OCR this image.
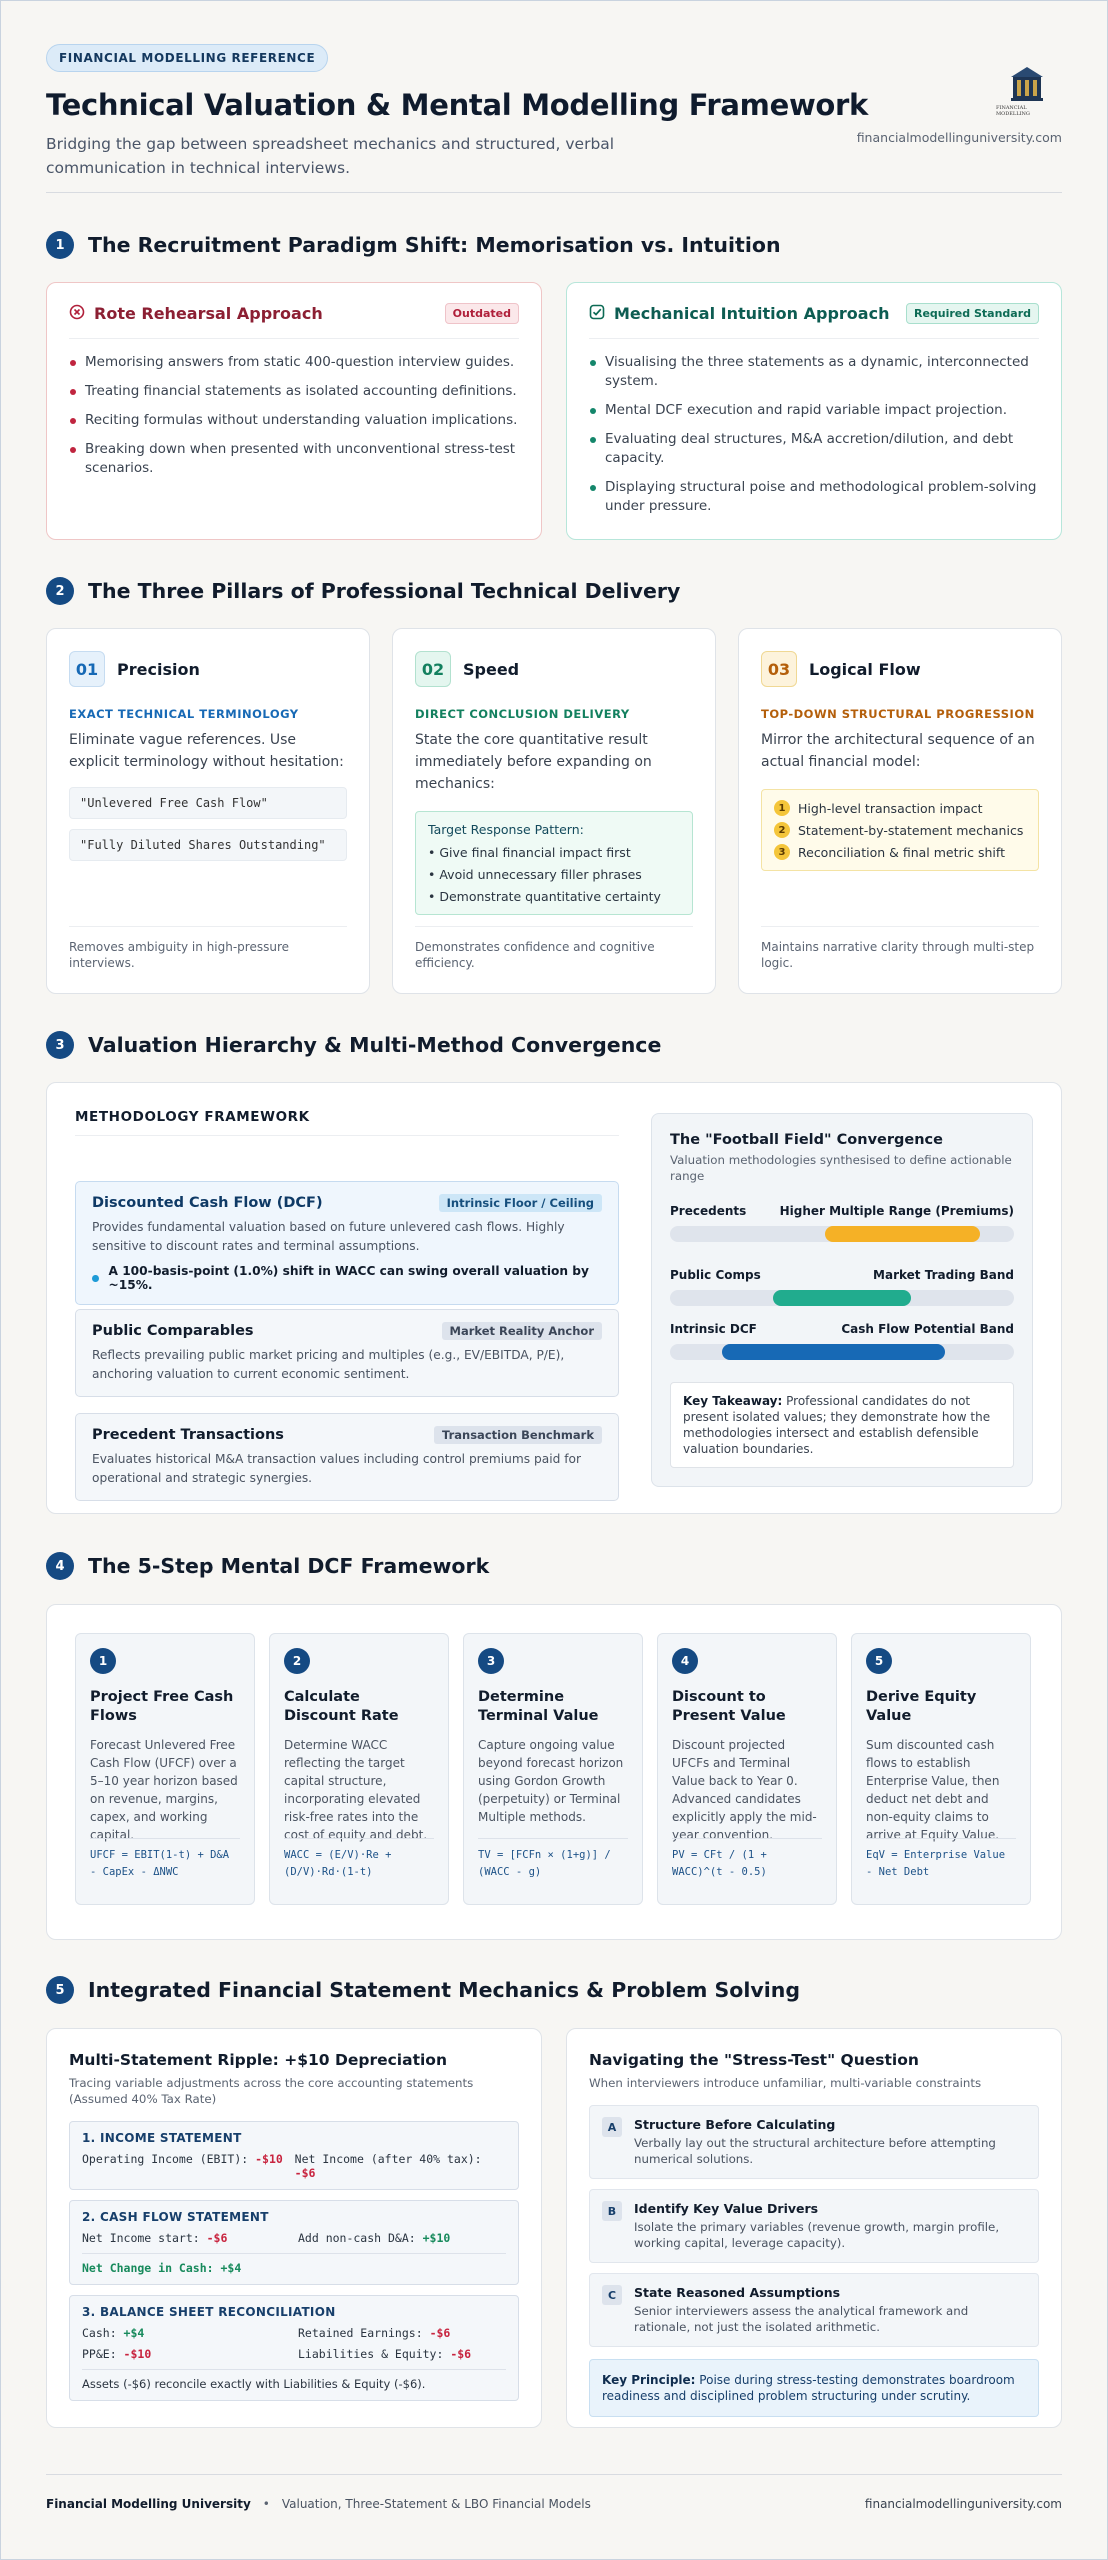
FINANCIAL MODELLING REFERENCE
Technical Valuation & Mental Modelling Framework

Bridging the gap between spreadsheet mechanics and structured, verbal communication in technical interviews.

FINANCIAL MODELLING
financialmodellinguniversity.com
1	The Recruitment Paradigm Shift: Memorisation vs. Intuition
Rote Rehearsal Approach	Outdated
Memorising answers from static 400-question interview guides.
Treating financial statements as isolated accounting definitions.
Reciting formulas without understanding valuation implications.
Breaking down when presented with unconventional stress-test scenarios.
Mechanical Intuition Approach	Required Standard
Visualising the three statements as a dynamic, interconnected system.
Mental DCF execution and rapid variable impact projection.
Evaluating deal structures, M&A accretion/dilution, and debt capacity.
Displaying structural poise and methodological problem-solving under pressure.
2	The Three Pillars of Professional Technical Delivery
01	Precision
EXACT TECHNICAL TERMINOLOGY
Eliminate vague references. Use explicit terminology without hesitation:
"Unlevered Free Cash Flow"
"Fully Diluted Shares Outstanding"
Removes ambiguity in high-pressure interviews.
02	Speed
DIRECT CONCLUSION DELIVERY
State the core quantitative result immediately before expanding on mechanics:
Target Response Pattern:
• Give final financial impact first
• Avoid unnecessary filler phrases
• Demonstrate quantitative certainty
Demonstrates confidence and cognitive efficiency.
03	Logical Flow
TOP-DOWN STRUCTURAL PROGRESSION
Mirror the architectural sequence of an actual financial model:
1	High-level transaction impact
2	Statement-by-statement mechanics
3	Reconciliation & final metric shift
Maintains narrative clarity through multi-step logic.
3	Valuation Hierarchy & Multi-Method Convergence
METHODOLOGY FRAMEWORK
Discounted Cash Flow (DCF)	Intrinsic Floor / Ceiling
Provides fundamental valuation based on future unlevered cash flows. Highly sensitive to discount rates and terminal assumptions.
A 100-basis-point (1.0%) shift in WACC can swing overall valuation by ~15%.
Public Comparables	Market Reality Anchor
Reflects prevailing public market pricing and multiples (e.g., EV/EBITDA, P/E), anchoring valuation to current economic sentiment.
Precedent Transactions	Transaction Benchmark
Evaluates historical M&A transaction values including control premiums paid for operational and strategic synergies.
The "Football Field" Convergence
Valuation methodologies synthesised to define actionable range
Precedents	Higher Multiple Range (Premiums)
Public Comps	Market Trading Band
Intrinsic DCF	Cash Flow Potential Band
Key Takeaway: Professional candidates do not present isolated values; they demonstrate how the methodologies intersect and establish defensible valuation boundaries.
4	The 5-Step Mental DCF Framework
1
Project Free Cash Flows
Forecast Unlevered Free Cash Flow (UFCF) over a 5–10 year horizon based on revenue, margins, capex, and working capital.
UFCF = EBIT(1-t) + D&A - CapEx - ΔNWC
2
Calculate Discount Rate
Determine WACC reflecting the target capital structure, incorporating elevated risk-free rates into the cost of equity and debt.
WACC = (E/V)·Re + (D/V)·Rd·(1-t)
3
Determine Terminal Value
Capture ongoing value beyond forecast horizon using Gordon Growth (perpetuity) or Terminal Multiple methods.
TV = [FCFn × (1+g)] / (WACC - g)
4
Discount to Present Value
Discount projected UFCFs and Terminal Value back to Year 0. Advanced candidates explicitly apply the mid-year convention.
PV = CFt / (1 + WACC)^(t - 0.5)
5
Derive Equity Value
Sum discounted cash flows to establish Enterprise Value, then deduct net debt and non-equity claims to arrive at Equity Value.
EqV = Enterprise Value - Net Debt
5	Integrated Financial Statement Mechanics & Problem Solving
Multi-Statement Ripple: +$10 Depreciation
Tracing variable adjustments across the core accounting statements (Assumed 40% Tax Rate)
1. INCOME STATEMENT
Operating Income (EBIT): -$10	Net Income (after 40% tax): -$6
2. CASH FLOW STATEMENT
Net Income start: -$6	Add non-cash D&A: +$10
Net Change in Cash: +$4
3. BALANCE SHEET RECONCILIATION
Cash: +$4	Retained Earnings: -$6
PP&E: -$10	Liabilities & Equity: -$6
Assets (-$6) reconcile exactly with Liabilities & Equity (-$6).
Navigating the "Stress-Test" Question
When interviewers introduce unfamiliar, multi-variable constraints
A	Structure Before Calculating
Verbally lay out the structural architecture before attempting numerical solutions.
B	Identify Key Value Drivers
Isolate the primary variables (revenue growth, margin profile, working capital, leverage capacity).
C	State Reasoned Assumptions
Senior interviewers assess the analytical framework and rationale, not just the isolated arithmetic.
Key Principle: Poise during stress-testing demonstrates boardroom readiness and disciplined problem structuring under scrutiny.
Financial Modelling University • Valuation, Three-Statement & LBO Financial Models	financialmodellinguniversity.com
